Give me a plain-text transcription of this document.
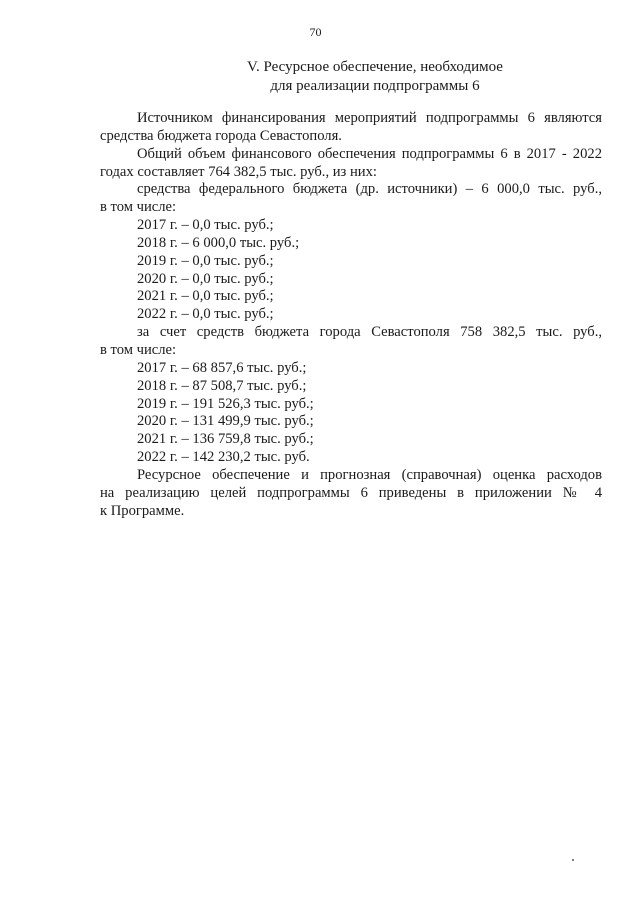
70
V. Ресурсное обеспечение, необходимое
для реализации подпрограммы 6
Источником финансирования мероприятий подпрограммы 6 являются
средства бюджета города Севастополя.
Общий объем финансового обеспечения подпрограммы 6 в 2017 - 2022
годах составляет 764 382,5 тыс. руб., из них:
средства федерального бюджета (др. источники) – 6 000,0 тыс. руб.,
в том числе:
2017 г. – 0,0 тыс. руб.;
2018 г. – 6 000,0 тыс. руб.;
2019 г. – 0,0 тыс. руб.;
2020 г. – 0,0 тыс. руб.;
2021 г. – 0,0 тыс. руб.;
2022 г. – 0,0 тыс. руб.;
за счет средств бюджета города Севастополя 758 382,5 тыс. руб.,
в том числе:
2017 г. – 68 857,6 тыс. руб.;
2018 г. – 87 508,7 тыс. руб.;
2019 г. – 191 526,3 тыс. руб.;
2020 г. – 131 499,9 тыс. руб.;
2021 г. – 136 759,8 тыс. руб.;
2022 г. – 142 230,2 тыс. руб.
Ресурсное обеспечение и прогнозная (справочная) оценка расходов
на реализацию целей подпрограммы 6 приведены в приложении № 4
к Программе.
